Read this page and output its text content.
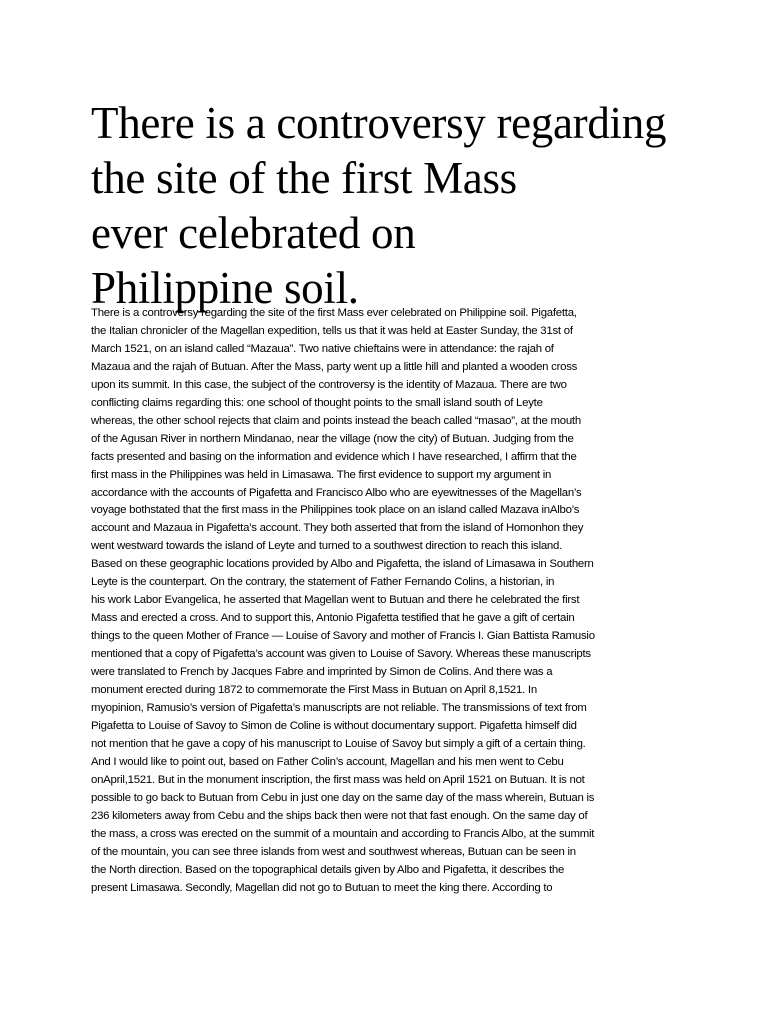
There is a controversy regarding
the site of the first Mass
ever celebrated on
Philippine soil.
There is a controversy regarding the site of the first Mass ever celebrated on Philippine soil. Pigafetta,
the Italian chronicler of the Magellan expedition, tells us that it was held at Easter Sunday, the 31st of
March 1521, on an island called “Mazaua”. Two native chieftains were in attendance: the rajah of
Mazaua and the rajah of Butuan. After the Mass, party went up a little hill and planted a wooden cross
upon its summit. In this case, the subject of the controversy is the identity of Mazaua. There are two
conflicting claims regarding this: one school of thought points to the small island south of Leyte
whereas, the other school rejects that claim and points instead the beach called “masao”, at the mouth
of the Agusan River in northern Mindanao, near the village (now the city) of Butuan. Judging from the
facts presented and basing on the information and evidence which I have researched, I affirm that the
first mass in the Philippines was held in Limasawa. The first evidence to support my argument in
accordance with the accounts of Pigafetta and Francisco Albo who are eyewitnesses of the Magellan’s
voyage bothstated that the first mass in the Philippines took place on an island called Mazava inAlbo’s
account and Mazaua in Pigafetta’s account. They both asserted that from the island of Homonhon they
went westward towards the island of Leyte and turned to a southwest direction to reach this island.
Based on these geographic locations provided by Albo and Pigafetta, the island of Limasawa in Southern
Leyte is the counterpart. On the contrary, the statement of Father Fernando Colins, a historian, in
his work Labor Evangelica, he asserted that Magellan went to Butuan and there he celebrated the first
Mass and erected a cross. And to support this, Antonio Pigafetta testified that he gave a gift of certain
things to the queen Mother of France — Louise of Savory and mother of Francis I. Gian Battista Ramusio
mentioned that a copy of Pigafetta’s account was given to Louise of Savory. Whereas these manuscripts
were translated to French by Jacques Fabre and imprinted by Simon de Colins. And there was a
monument erected during 1872 to commemorate the First Mass in Butuan on April 8,1521. In
myopinion, Ramusio’s version of Pigafetta’s manuscripts are not reliable. The transmissions of text from
Pigafetta to Louise of Savoy to Simon de Coline is without documentary support. Pigafetta himself did
not mention that he gave a copy of his manuscript to Louise of Savoy but simply a gift of a certain thing.
And I would like to point out, based on Father Colin’s account, Magellan and his men went to Cebu
onApril,1521. But in the monument inscription, the first mass was held on April 1521 on Butuan. It is not
possible to go back to Butuan from Cebu in just one day on the same day of the mass wherein, Butuan is
236 kilometers away from Cebu and the ships back then were not that fast enough. On the same day of
the mass, a cross was erected on the summit of a mountain and according to Francis Albo, at the summit
of the mountain, you can see three islands from west and southwest whereas, Butuan can be seen in
the North direction. Based on the topographical details given by Albo and Pigafetta, it describes the
present Limasawa. Secondly, Magellan did not go to Butuan to meet the king there. According to
